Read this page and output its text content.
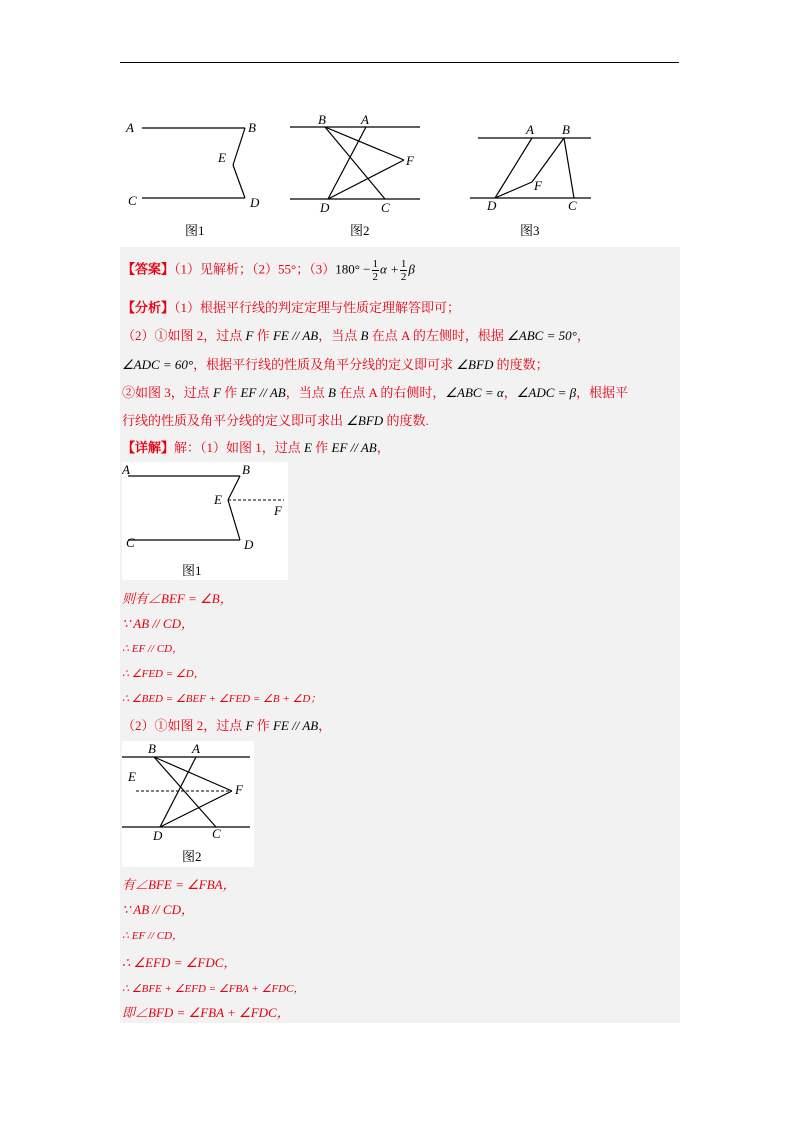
A	B
E
C	D
图1
B	A
F
D	C
图2
A B
F
D	C
图3
【答案】（1）见解析；（2）55°；$(3)180^\circ - \frac{1}{2}$ $\alpha + \frac{1}{2}$ β
【分析】（1）根据平行线的判定定理与性质定理解答即可；
（2）①如图 2，过点 F 作 FE // AB，当点 B 在点 A 的左侧时，根据 ∠ABC = 50°，
∠ADC = 60°，根据平行线的性质及角平分线的定义即可求 ∠BFD 的度数；
②如图 3，过点 F 作 EF // AB，当点 B 在点 A 的右侧时，∠ABC = α，∠ADC = β，根据平
行线的性质及角平分线的定义即可求出 ∠BFD 的度数.
【详解】解：（1）如图 1，过点 E 作 EF // AB，
A	B
E
F
C	D
图1
则有∠BEF = ∠B，
∵ AB // CD，
∴ EF // CD，
∴ ∠FED = ∠D，
∴ ∠BED = ∠BEF + ∠FED = ∠B + ∠D；
（2）①如图 2，过点 F 作 FE // AB，
B	A
E
F
D	C
图2
有∠BFE = ∠FBA，
∵ AB // CD，
∴ EF // CD，
∴ ∠EFD = ∠FDC，
∴ ∠BFE + ∠EFD = ∠FBA + ∠FDC，
即∠BFD = ∠FBA + ∠FDC，
